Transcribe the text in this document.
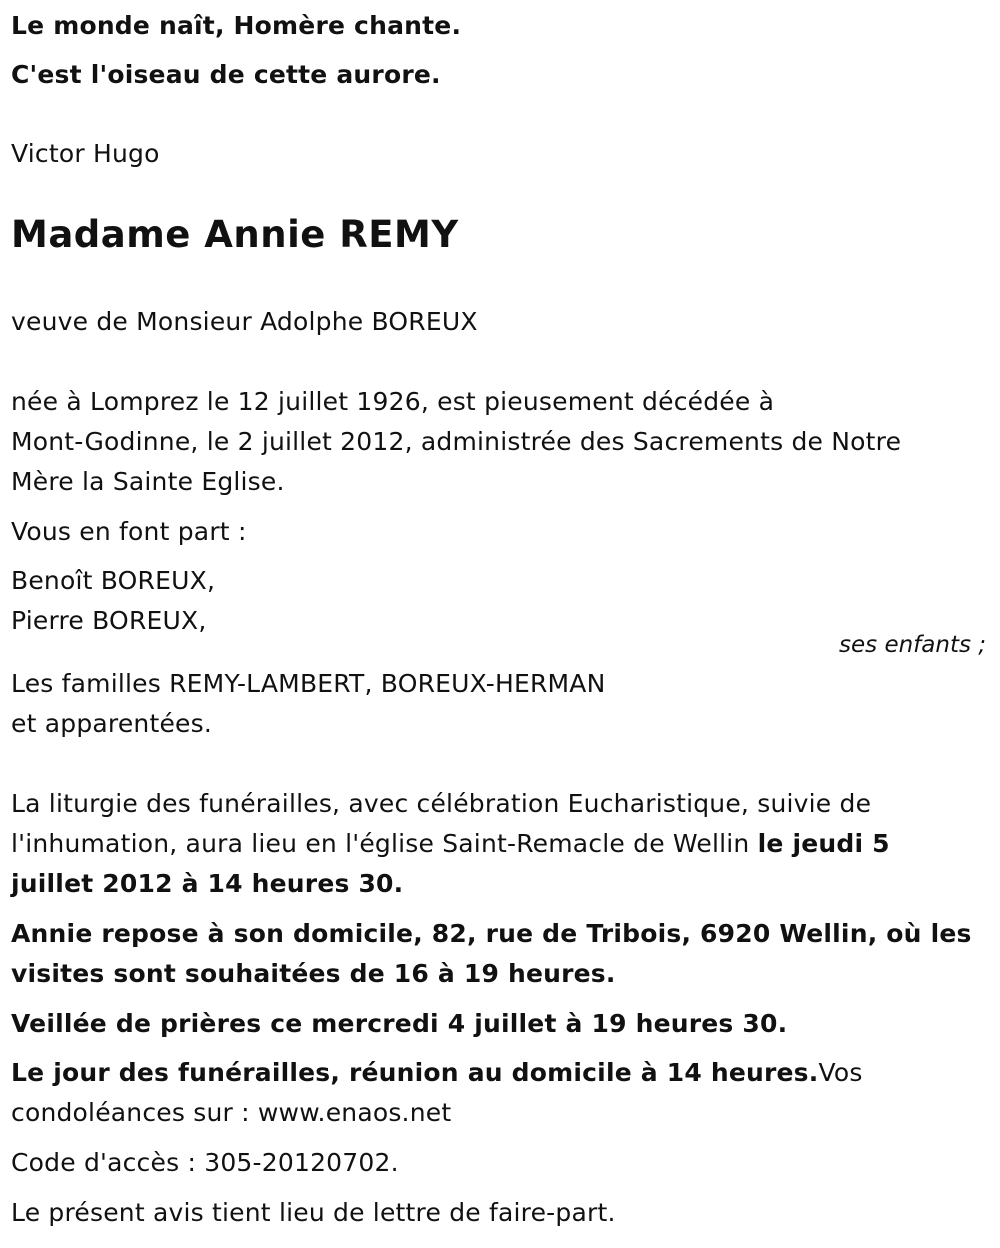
Le monde naît, Homère chante.
C'est l'oiseau de cette aurore.
Victor Hugo
Madame Annie REMY
veuve de Monsieur Adolphe BOREUX
née à Lomprez le 12 juillet 1926, est pieusement décédée à
Mont-Godinne, le 2 juillet 2012, administrée des Sacrements de Notre
Mère la Sainte Eglise.
Vous en font part :
Benoît BOREUX,
Pierre BOREUX,
ses enfants ;
Les familles REMY-LAMBERT, BOREUX-HERMAN
et apparentées.
La liturgie des funérailles, avec célébration Eucharistique, suivie de
l'inhumation, aura lieu en l'église Saint-Remacle de Wellin le jeudi 5
juillet 2012 à 14 heures 30.
Annie repose à son domicile, 82, rue de Tribois, 6920 Wellin, où les
visites sont souhaitées de 16 à 19 heures.
Veillée de prières ce mercredi 4 juillet à 19 heures 30.
Le jour des funérailles, réunion au domicile à 14 heures.Vos
condoléances sur : www.enaos.net
Code d'accès : 305-20120702.
Le présent avis tient lieu de lettre de faire-part.
